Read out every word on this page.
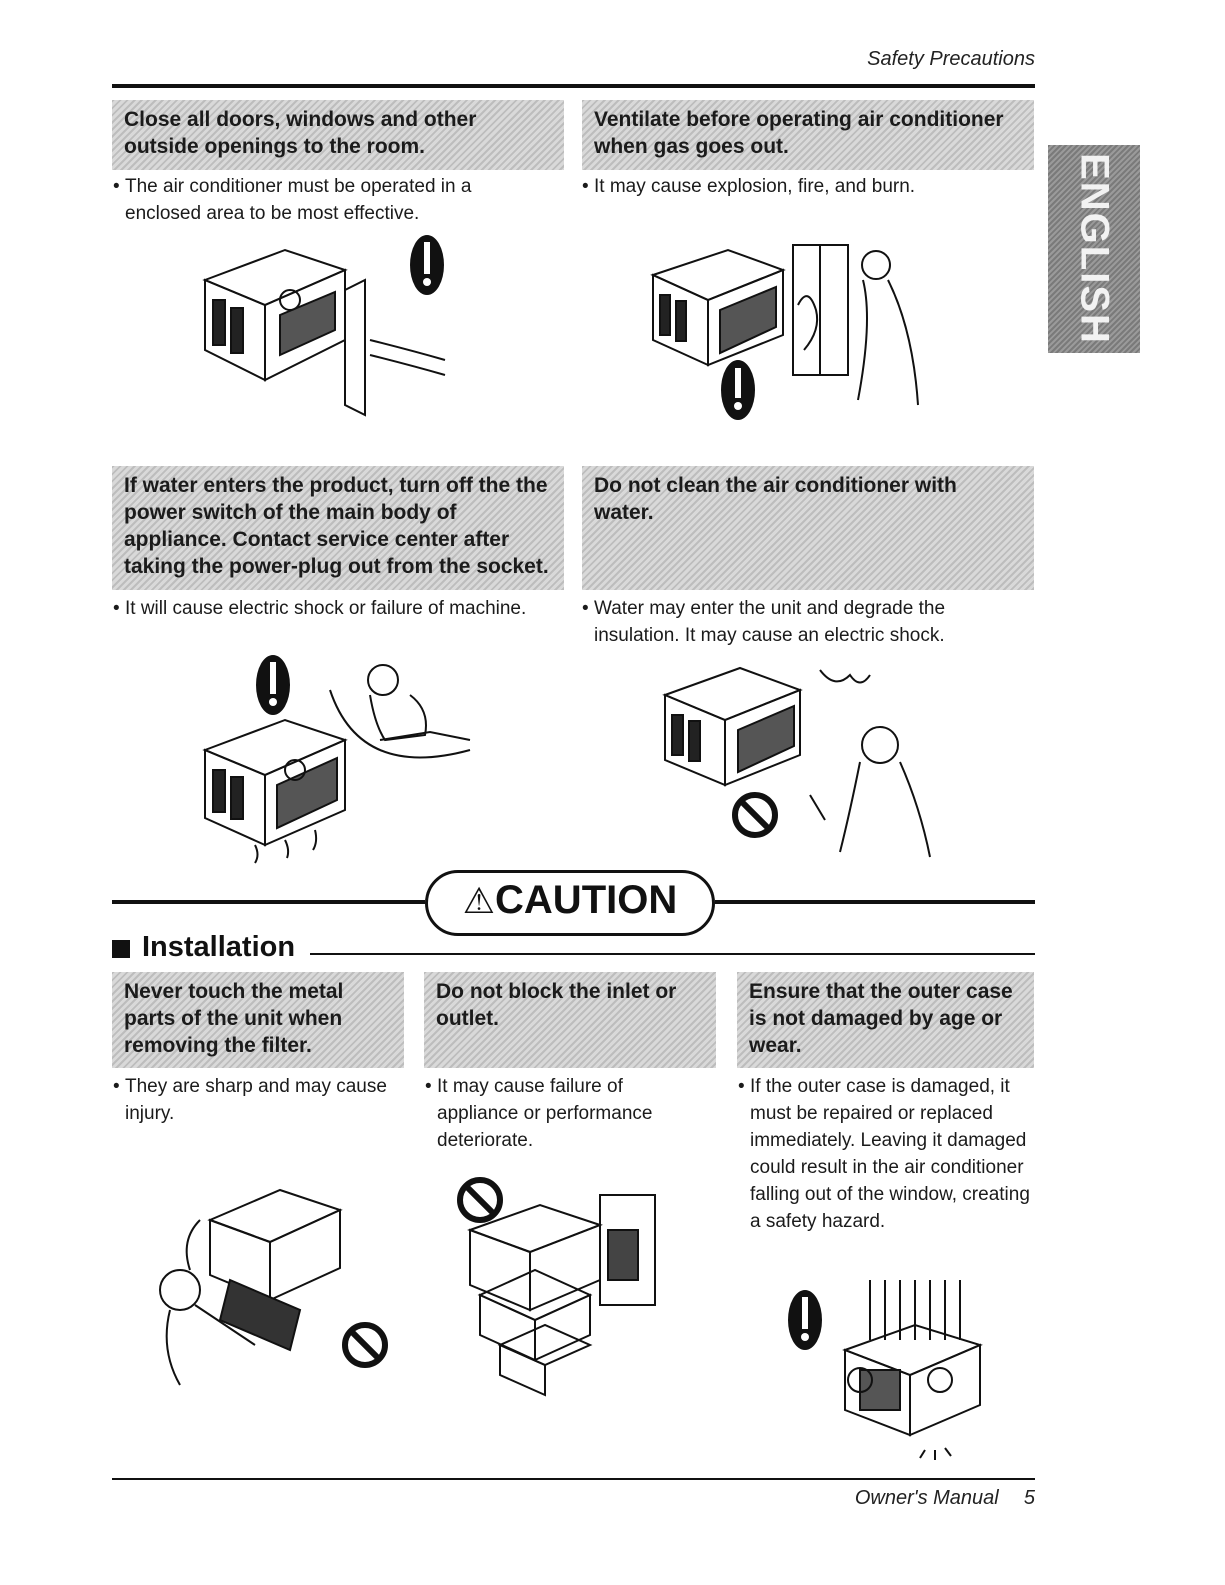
Safety Precautions
ENGLISH
Close all doors, windows and other outside openings to the room.
• The air conditioner must be operated in a enclosed area to be most effective.
Ventilate before operating air conditioner when gas goes out.
• It may cause explosion, fire, and burn.
If water enters the product, turn off the the power switch of the main body of appliance. Contact service center after taking the power-plug out from the socket.
• It will cause electric shock or failure of machine.
Do not clean the air conditioner with water.
• Water may enter the unit and degrade the insulation. It may cause an electric shock.
⚠CAUTION
Installation
Never touch the metal parts of the unit when removing the filter.
• They are sharp and may cause injury.
Do not block the inlet or outlet.
• It may cause failure of appliance or performance deteriorate.
Ensure that the outer case is not damaged by age or wear.
• If the outer case is damaged, it must be repaired or replaced immediately. Leaving it damaged could result in the air conditioner falling out of the window, creating a safety hazard.
Owner's Manual 5
